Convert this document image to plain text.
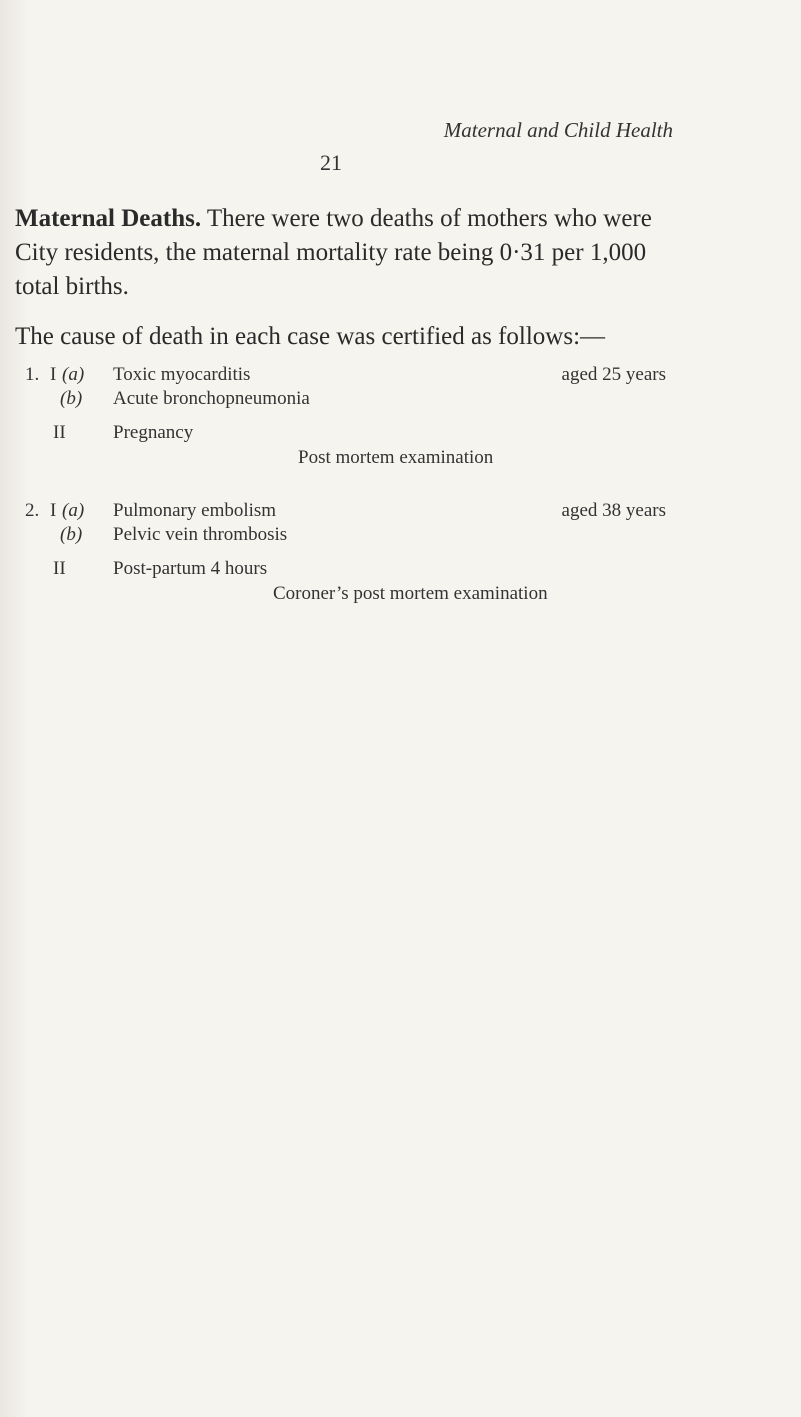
Maternal and Child Health
21
Maternal Deaths. There were two deaths of mothers who were City residents, the maternal mortality rate being 0·31 per 1,000 total births.
The cause of death in each case was certified as follows:—
1. I (a) Toxic myocarditis	aged 25 years
(b) Acute bronchopneumonia
II Pregnancy
Post mortem examination
2. I (a) Pulmonary embolism	aged 38 years
(b) Pelvic vein thrombosis
II Post-partum 4 hours
Coroner’s post mortem examination
